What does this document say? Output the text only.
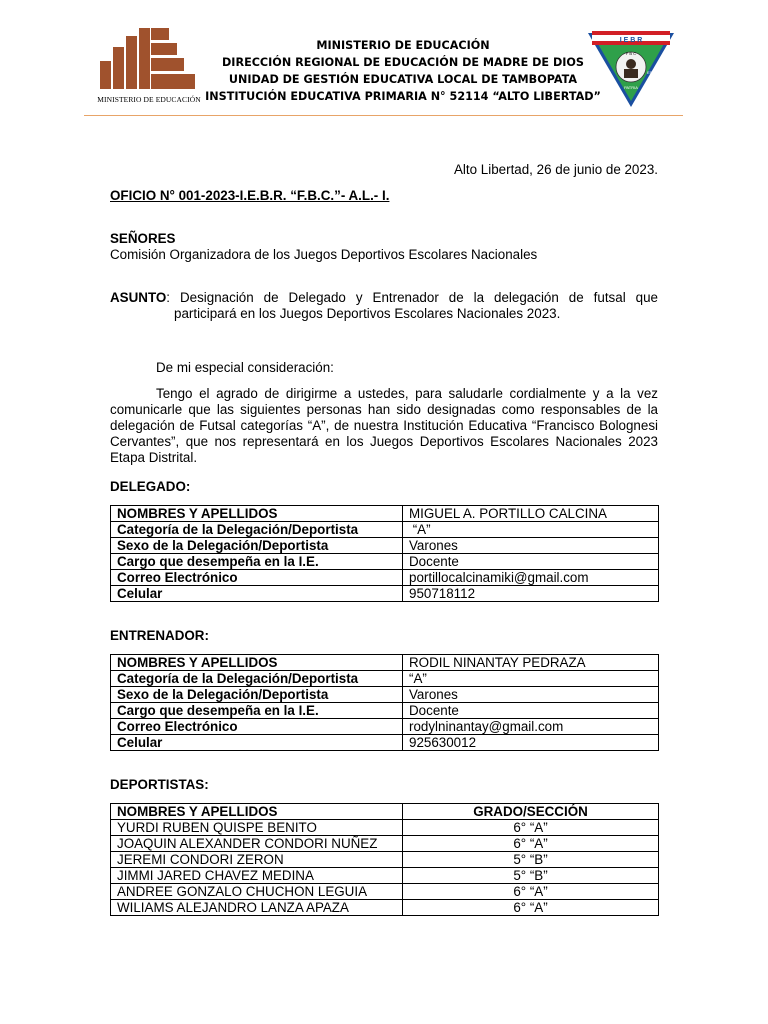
MINISTERIO DE EDUCACIÓN
MINISTERIO DE EDUCACIÓN
DIRECCIÓN REGIONAL DE EDUCACIÓN DE MADRE DE DIOS
UNIDAD DE GESTIÓN EDUCATIVA LOCAL DE TAMBOPATA
INSTITUCIÓN EDUCATIVA PRIMARIA N° 52114 “ALTO LIBERTAD”
I E B R
F B C
DIOS	ESTUDIO
PATRIA
Alto Libertad, 26 de junio de 2023.
OFICIO N° 001-2023-I.E.B.R. “F.B.C.”- A.L.- I.
SEÑORES
Comisión Organizadora de los Juegos Deportivos Escolares Nacionales
ASUNTO: Designación de Delegado y Entrenador de la delegación de futsal que
participará en los Juegos Deportivos Escolares Nacionales 2023.
De mi especial consideración:
Tengo el agrado de dirigirme a ustedes, para saludarle cordialmente y a la vez comunicarle que las siguientes personas han sido designadas como responsables de la delegación de Futsal categorías “A”, de nuestra Institución Educativa “Francisco Bolognesi Cervantes”, que nos representará en los Juegos Deportivos Escolares Nacionales 2023 Etapa Distrital.
DELEGADO:
NOMBRES Y APELLIDOS	MIGUEL A. PORTILLO CALCINA
Categoría de la Delegación/Deportista	“A”
Sexo de la Delegación/Deportista	Varones
Cargo que desempeña en la I.E.	Docente
Correo Electrónico	portillocalcinamiki@gmail.com
Celular	950718112
ENTRENADOR:
NOMBRES Y APELLIDOS	RODIL NINANTAY PEDRAZA
Categoría de la Delegación/Deportista	“A”
Sexo de la Delegación/Deportista	Varones
Cargo que desempeña en la I.E.	Docente
Correo Electrónico	rodylninantay@gmail.com
Celular	925630012
DEPORTISTAS:
NOMBRES Y APELLIDOS	GRADO/SECCIÓN
YURDI RUBEN QUISPE BENITO	6° “A”
JOAQUIN ALEXANDER CONDORI NUÑEZ	6° “A”
JEREMI CONDORI ZERON	5° “B”
JIMMI JARED CHAVEZ MEDINA	5° “B”
ANDREE GONZALO CHUCHON LEGUIA	6° “A”
WILIAMS ALEJANDRO LANZA APAZA	6° “A”
